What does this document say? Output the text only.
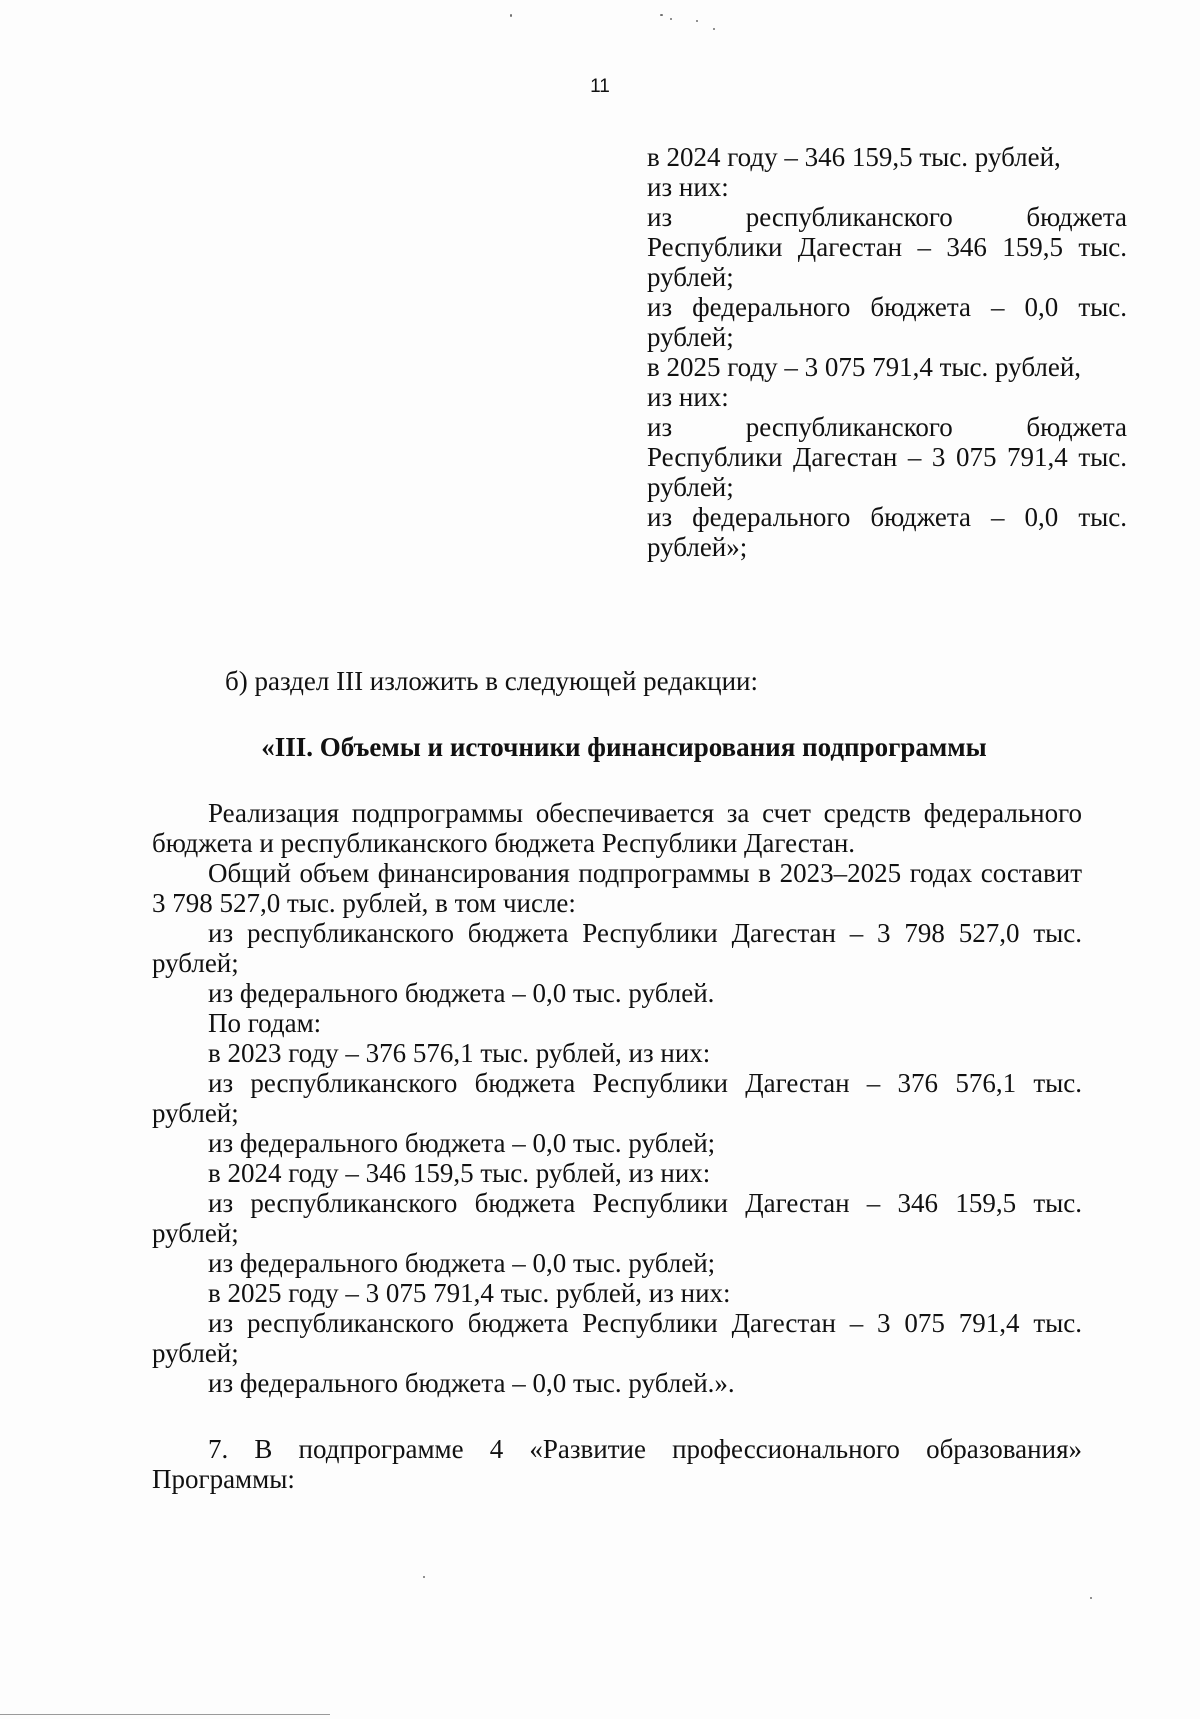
11

в 2024 году – 346 159,5 тыс. рублей,

из них:

из республиканского бюджета Республики Дагестан – 346 159,5 тыс. рублей;

из федерального бюджета – 0,0 тыс. рублей;

в 2025 году – 3 075 791,4 тыс. рублей,

из них:

из республиканского бюджета Республики Дагестан – 3 075 791,4 тыс. рублей;

из федерального бюджета – 0,0 тыс. рублей»;

б) раздел III изложить в следующей редакции:

«III. Объемы и источники финансирования подпрограммы

Реализация подпрограммы обеспечивается за счет средств федерального бюджета и республиканского бюджета Республики Дагестан.

Общий объем финансирования подпрограммы в 2023–2025 годах составит 3 798 527,0 тыс. рублей, в том числе:

из республиканского бюджета Республики Дагестан – 3 798 527,0 тыс. рублей;

из федерального бюджета – 0,0 тыс. рублей.

По годам:

в 2023 году – 376 576,1 тыс. рублей, из них:

из республиканского бюджета Республики Дагестан – 376 576,1 тыс. рублей;

из федерального бюджета – 0,0 тыс. рублей;

в 2024 году – 346 159,5 тыс. рублей, из них:

из республиканского бюджета Республики Дагестан – 346 159,5 тыс. рублей;

из федерального бюджета – 0,0 тыс. рублей;

в 2025 году – 3 075 791,4 тыс. рублей, из них:

из республиканского бюджета Республики Дагестан – 3 075 791,4 тыс. рублей;

из федерального бюджета – 0,0 тыс. рублей.».

7. В подпрограмме 4 «Развитие профессионального образования» Программы:
